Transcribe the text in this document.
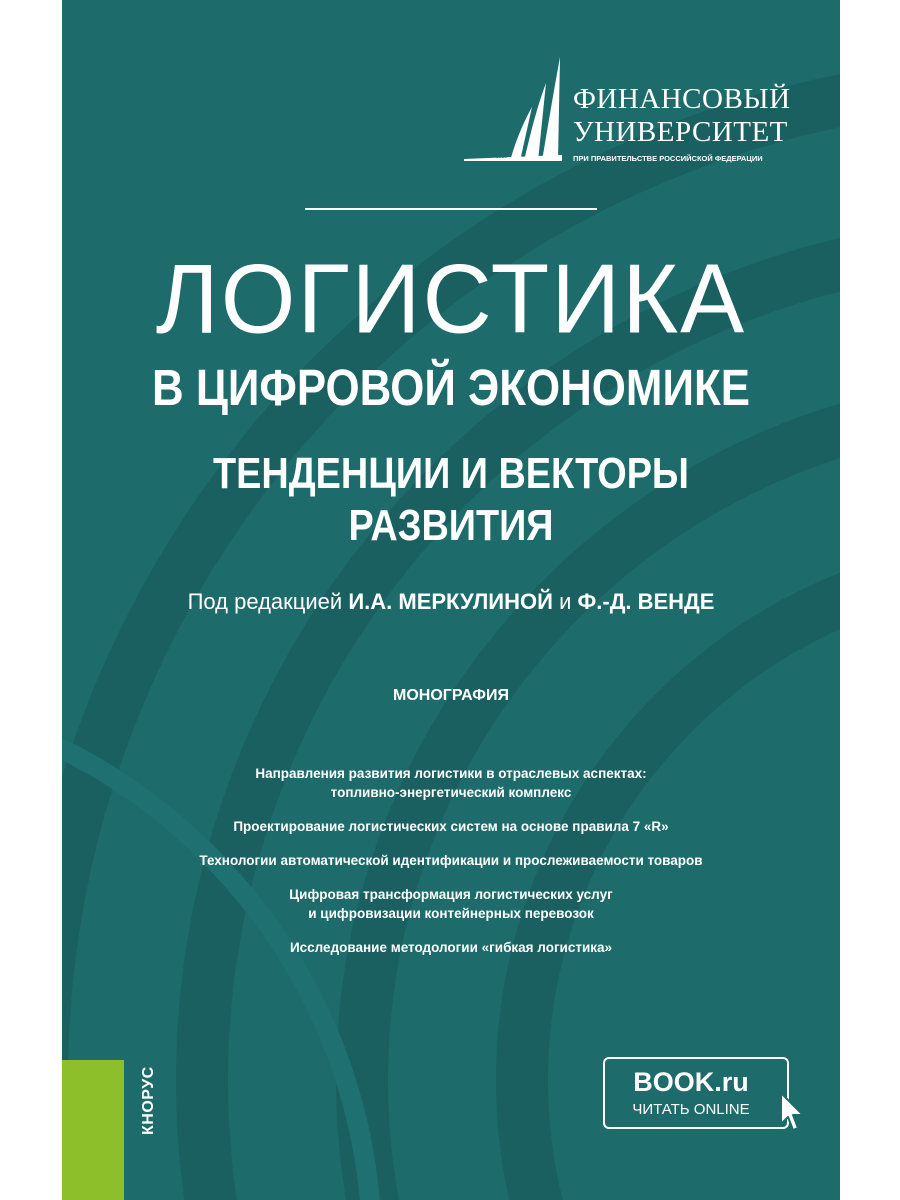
1919
ФИНАНСОВЫЙ
УНИВЕРСИТЕТ
ПРИ ПРАВИТЕЛЬСТВЕ РОССИЙСКОЙ ФЕДЕРАЦИИ
ЛОГИСТИКА
В ЦИФРОВОЙ ЭКОНОМИКЕ
ТЕНДЕНЦИИ И ВЕКТОРЫ РАЗВИТИЯ
Под редакцией И.А. МЕРКУЛИНОЙ и Ф.-Д. ВЕНДЕ
МОНОГРАФИЯ
Направления развития логистики в отраслевых аспектах:
топливно-энергетический комплекс
Проектирование логистических систем на основе правила 7 «R»
Технологии автоматической идентификации и прослеживаемости товаров
Цифровая трансформация логистических услуг
и цифровизации контейнерных перевозок
Исследование методологии «гибкая логистика»
КНОРУС	BOOK.ru
ЧИТАТЬ ONLINE
